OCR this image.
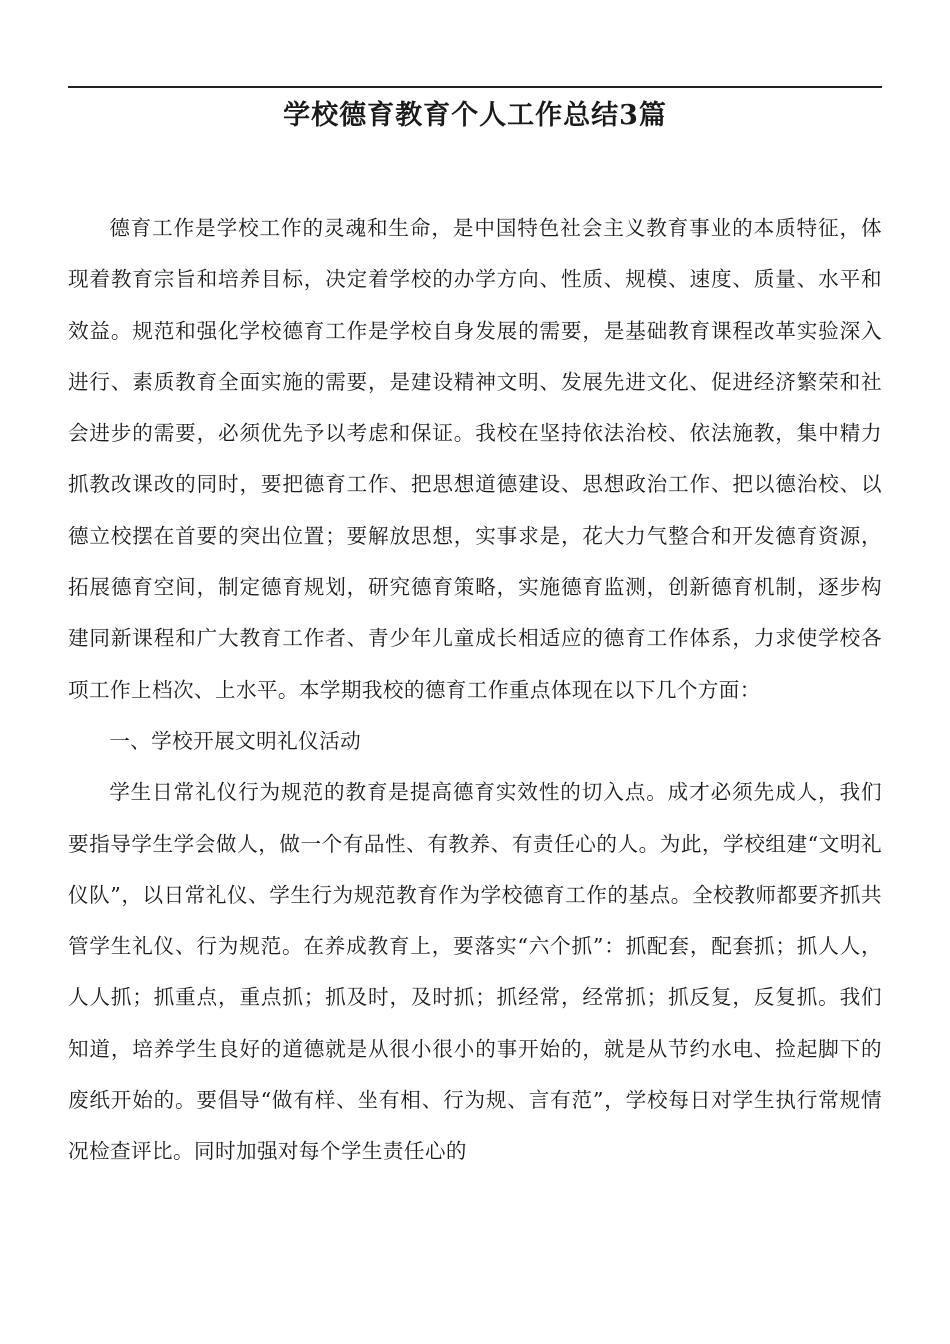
学校德育教育个人工作总结3篇

德育工作是学校工作的灵魂和生命，是中国特色社会主义教育事业的本质特征，体现着教育宗旨和培养目标，决定着学校的办学方向、性质、规模、速度、质量、水平和效益。规范和强化学校德育工作是学校自身发展的需要，是基础教育课程改革实验深入进行、素质教育全面实施的需要，是建设精神文明、发展先进文化、促进经济繁荣和社会进步的需要，必须优先予以考虑和保证。我校在坚持依法治校、依法施教，集中精力抓教改课改的同时，要把德育工作、把思想道德建设、思想政治工作、把以德治校、以德立校摆在首要的突出位置；要解放思想，实事求是，花大力气整合和开发德育资源，拓展德育空间，制定德育规划，研究德育策略，实施德育监测，创新德育机制，逐步构建同新课程和广大教育工作者、青少年儿童成长相适应的德育工作体系，力求使学校各项工作上档次、上水平。本学期我校的德育工作重点体现在以下几个方面：

一、学校开展文明礼仪活动

学生日常礼仪行为规范的教育是提高德育实效性的切入点。成才必须先成人，我们要指导学生学会做人，做一个有品性、有教养、有责任心的人。为此，学校组建“文明礼仪队”，以日常礼仪、学生行为规范教育作为学校德育工作的基点。全校教师都要齐抓共管学生礼仪、行为规范。在养成教育上，要落实“六个抓”：抓配套，配套抓；抓人人，人人抓；抓重点，重点抓；抓及时，及时抓；抓经常，经常抓；抓反复，反复抓。我们知道，培养学生良好的道德就是从很小很小的事开始的，就是从节约水电、捡起脚下的废纸开始的。要倡导“做有样、坐有相、行为规、言有范”，学校每日对学生执行常规情况检查评比。同时加强对每个学生责任心的
